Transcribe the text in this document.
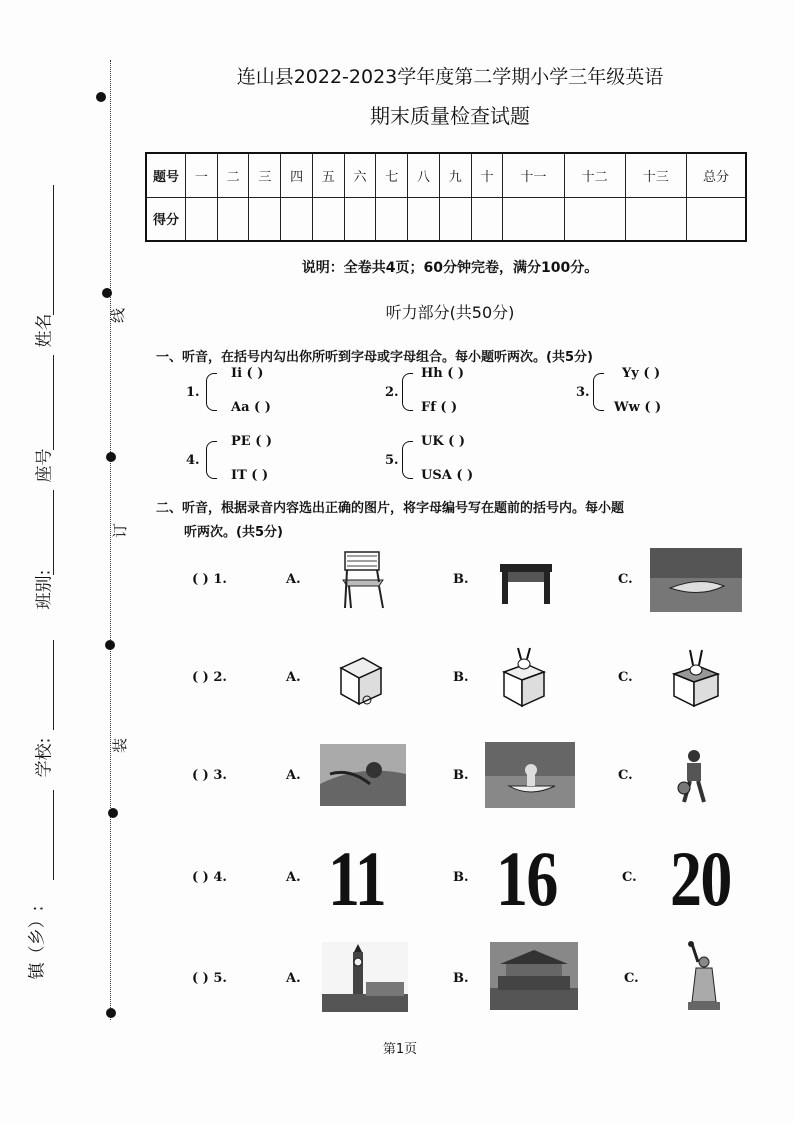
姓名
座号
班别:
学校:
镇（乡）:
线
订
装
连山县2022-2023学年度第二学期小学三年级英语
期末质量检查试题
题号	一	二	三	四	五	六	七	八	九	十	十一	十二	十三	总分
得分														
说明：全卷共4页；60分钟完卷，满分100分。
听力部分(共50分)
一、听音，在括号内勾出你所听到字母或字母组合。每小题听两次。(共5分)
1.
Ii ( )
Aa ( )
2.
Hh ( )
Ff ( )
3.
Yy ( )
Ww ( )
4.
PE ( )
IT ( )
5.
UK ( )
USA ( )
二、听音，根据录音内容选出正确的图片，将字母编号写在题前的括号内。每小题
听两次。(共5分)
( ) 1.	A.	B.	C.
( ) 2.	A.	B.	C.
( ) 3.	A.	B.	C.
( ) 4.	A. 11	B. 16	C. 20
( ) 5.	A.	B.	C.
第1页
